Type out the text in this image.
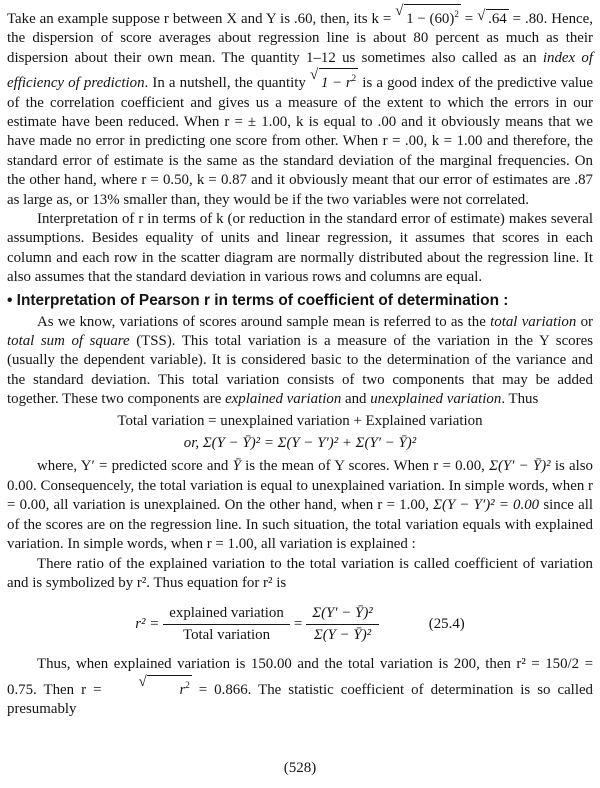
Take an example suppose r between X and Y is .60, then, its k = √ $1 - (60)^2$ = √ .64 = .80. Hence, the dispersion of score averages about regression line is about 80 percent as much as their dispersion about their own mean. The quantity 1–12 us sometimes also called as an index of efficiency of prediction. In a nutshell, the quantity √ $1 - r^2$ is a good index of the predictive value of the correlation coefficient and gives us a measure of the extent to which the errors in our estimate have been reduced. When r = ± 1.00, k is equal to .00 and it obviously means that we have made no error in predicting one score from other. When r = .00, k = 1.00 and therefore, the standard error of estimate is the same as the standard deviation of the marginal frequencies. On the other hand, where r = 0.50, k = 0.87 and it obviously meant that our error of estimates are .87 as large as, or 13% smaller than, they would be if the two variables were not correlated.

Interpretation of r in terms of k (or reduction in the standard error of estimate) makes several assumptions. Besides equality of units and linear regression, it assumes that scores in each column and each row in the scatter diagram are normally distributed about the regression line. It also assumes that the standard deviation in various rows and columns are equal.

• Interpretation of Pearson r in terms of coefficient of determination :

As we know, variations of scores around sample mean is referred to as the total variation or total sum of square (TSS). This total variation is a measure of the variation in the Y scores (usually the dependent variable). It is considered basic to the determination of the variance and the standard deviation. This total variation consists of two components that may be added together. These two components are explained variation and unexplained variation. Thus

Total variation = unexplained variation + Explained variation
or, Σ(Y − Ȳ)² = Σ(Y − Y′)² + Σ(Y′ − Ȳ)²

where, Y′ = predicted score and Ȳ is the mean of Y scores. When r = 0.00, Σ(Y′ − Ȳ)² is also 0.00. Consequencely, the total variation is equal to unexplained variation. In simple words, when r = 0.00, all variation is unexplained. On the other hand, when r = 1.00, Σ(Y − Y′)² = 0.00 since all of the scores are on the regression line. In such situation, the total variation equals with explained variation. In simple words, when r = 1.00, all variation is explained :

There ratio of the explained variation to the total variation is called coefficient of variation and is symbolized by r². Thus equation for r² is

$r^2 = \frac{\text{explained variation}}{\text{Total variation}} = \frac{\text{Σ(Y′ − Ȳ)²}}{\text{Σ(Y − Ȳ)²}}$	(25.4)

Thus, when explained variation is 150.00 and the total variation is 200, then r² = 150/2 = 0.75. Then r =	√ $r^2 = 0.866$. The statistic coefficient of determination is so called presumably

(528)
